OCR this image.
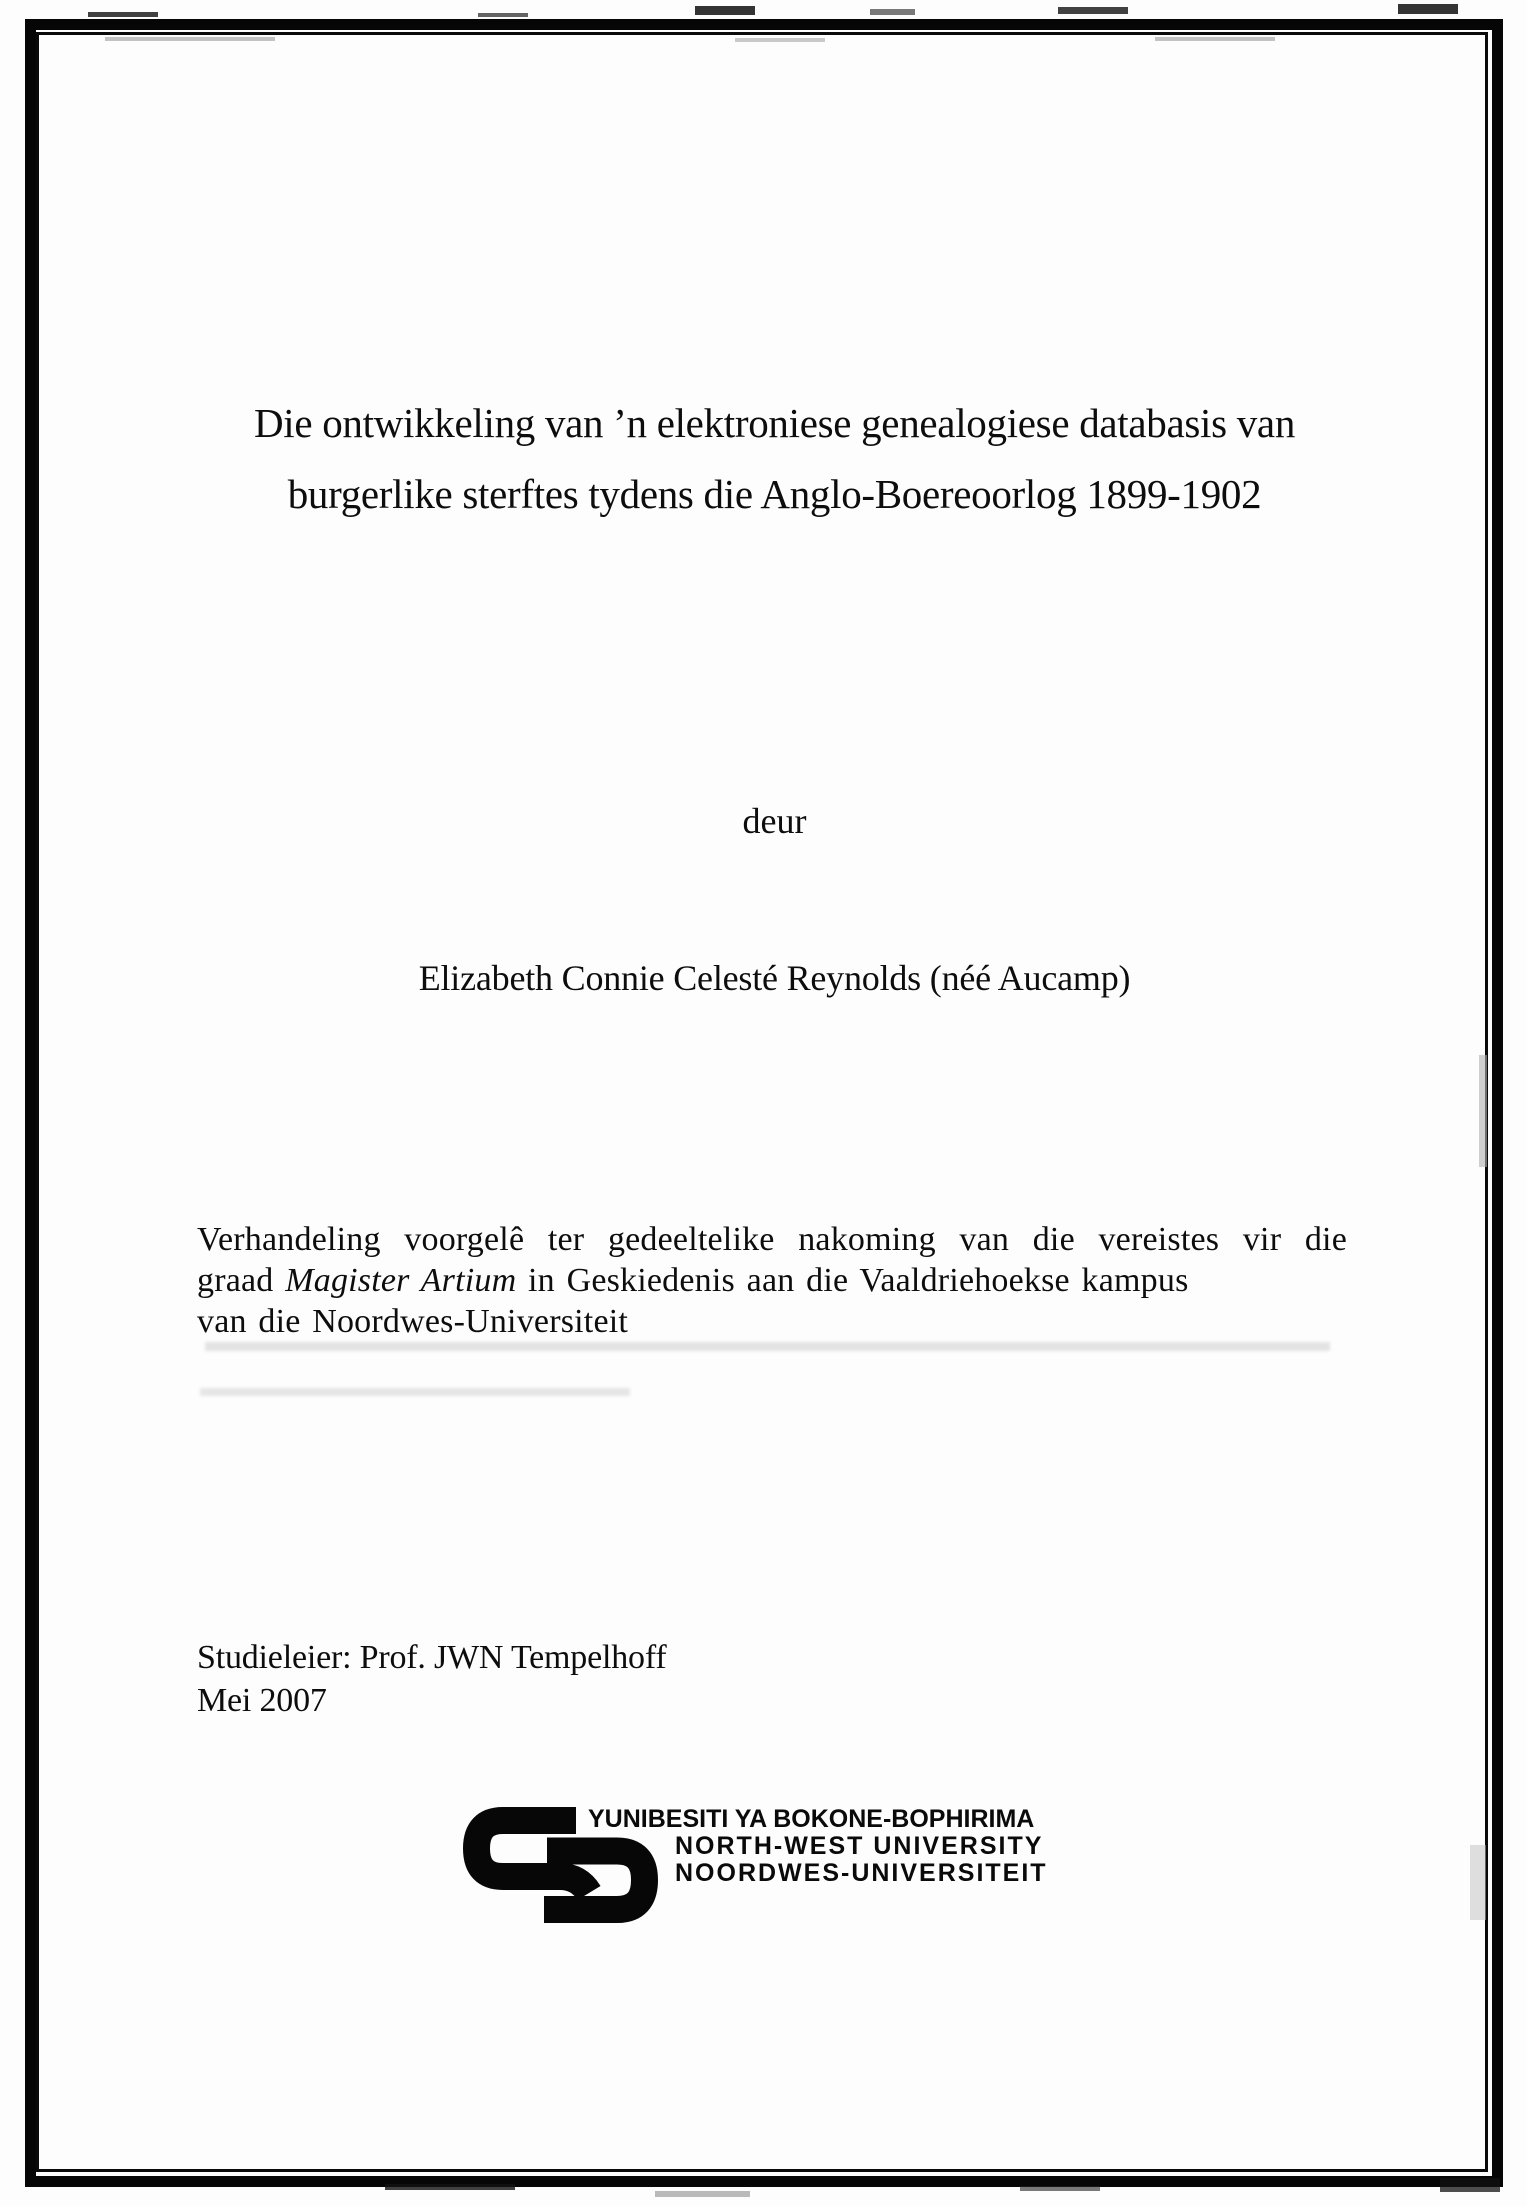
Die ontwikkeling van ’n elektroniese genealogiese databasis van
burgerlike sterftes tydens die Anglo-Boereoorlog 1899-1902
deur
Elizabeth Connie Celesté Reynolds (néé Aucamp)
Verhandeling voorgelê ter gedeeltelike nakoming van die vereistes vir die
graad Magister Artium in Geskiedenis aan die Vaaldriehoekse kampus
van die Noordwes-Universiteit
Studieleier: Prof. JWN Tempelhoff
Mei 2007
YUNIBESITI YA BOKONE-BOPHIRIMA
NORTH-WEST UNIVERSITY
NOORDWES-UNIVERSITEIT
